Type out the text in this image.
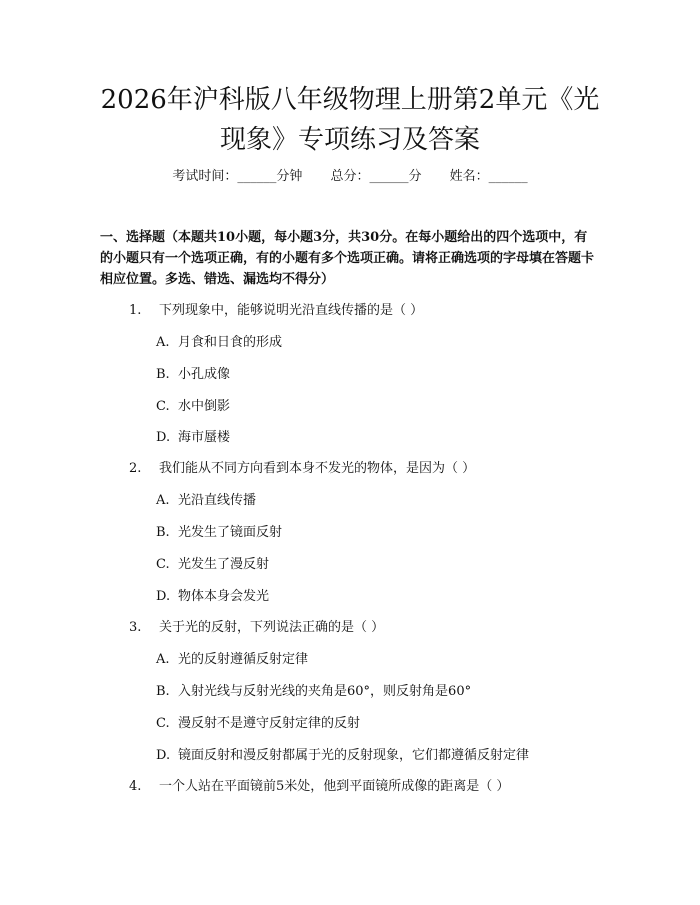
2026年沪科版八年级物理上册第2单元《光
现象》专项练习及答案
考试时间：______分钟 总分：______分 姓名：______

一、选择题（本题共10小题，每小题3分，共30分。在每小题给出的四个选项中，有的小题只有一个选项正确，有的小题有多个选项正确。请将正确选项的字母填在答题卡相应位置。多选、错选、漏选均不得分）

1. 下列现象中，能够说明光沿直线传播的是（ ）
A. 月食和日食的形成
B. 小孔成像
C. 水中倒影
D. 海市蜃楼
2. 我们能从不同方向看到本身不发光的物体，是因为（ ）
A. 光沿直线传播
B. 光发生了镜面反射
C. 光发生了漫反射
D. 物体本身会发光
3. 关于光的反射，下列说法正确的是（ ）
A. 光的反射遵循反射定律
B. 入射光线与反射光线的夹角是60°，则反射角是60°
C. 漫反射不是遵守反射定律的反射
D. 镜面反射和漫反射都属于光的反射现象，它们都遵循反射定律
4. 一个人站在平面镜前5米处，他到平面镜所成像的距离是（ ）
